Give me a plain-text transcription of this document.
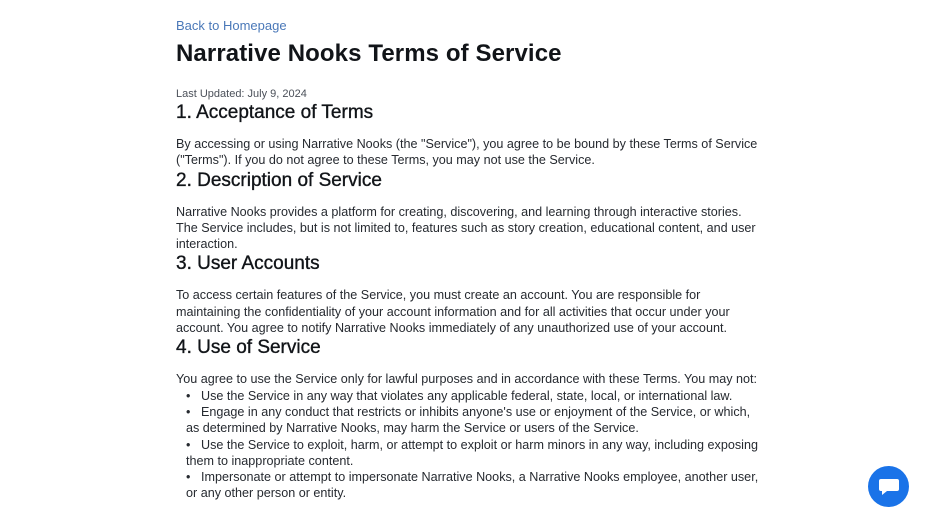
Back to Homepage
Narrative Nooks Terms of Service
Last Updated: July 9, 2024
1. Acceptance of Terms

By accessing or using Narrative Nooks (the "Service"), you agree to be bound by these Terms of Service ("Terms"). If you do not agree to these Terms, you may not use the Service.

2. Description of Service

Narrative Nooks provides a platform for creating, discovering, and learning through interactive stories. The Service includes, but is not limited to, features such as story creation, educational content, and user interaction.

3. User Accounts

To access certain features of the Service, you must create an account. You are responsible for maintaining the confidentiality of your account information and for all activities that occur under your account. You agree to notify Narrative Nooks immediately of any unauthorized use of your account.

4. Use of Service

You agree to use the Service only for lawful purposes and in accordance with these Terms. You may not:

• Use the Service in any way that violates any applicable federal, state, local, or international law.
• Engage in any conduct that restricts or inhibits anyone's use or enjoyment of the Service, or which, as determined by Narrative Nooks, may harm the Service or users of the Service.
• Use the Service to exploit, harm, or attempt to exploit or harm minors in any way, including exposing them to inappropriate content.
• Impersonate or attempt to impersonate Narrative Nooks, a Narrative Nooks employee, another user, or any other person or entity.
